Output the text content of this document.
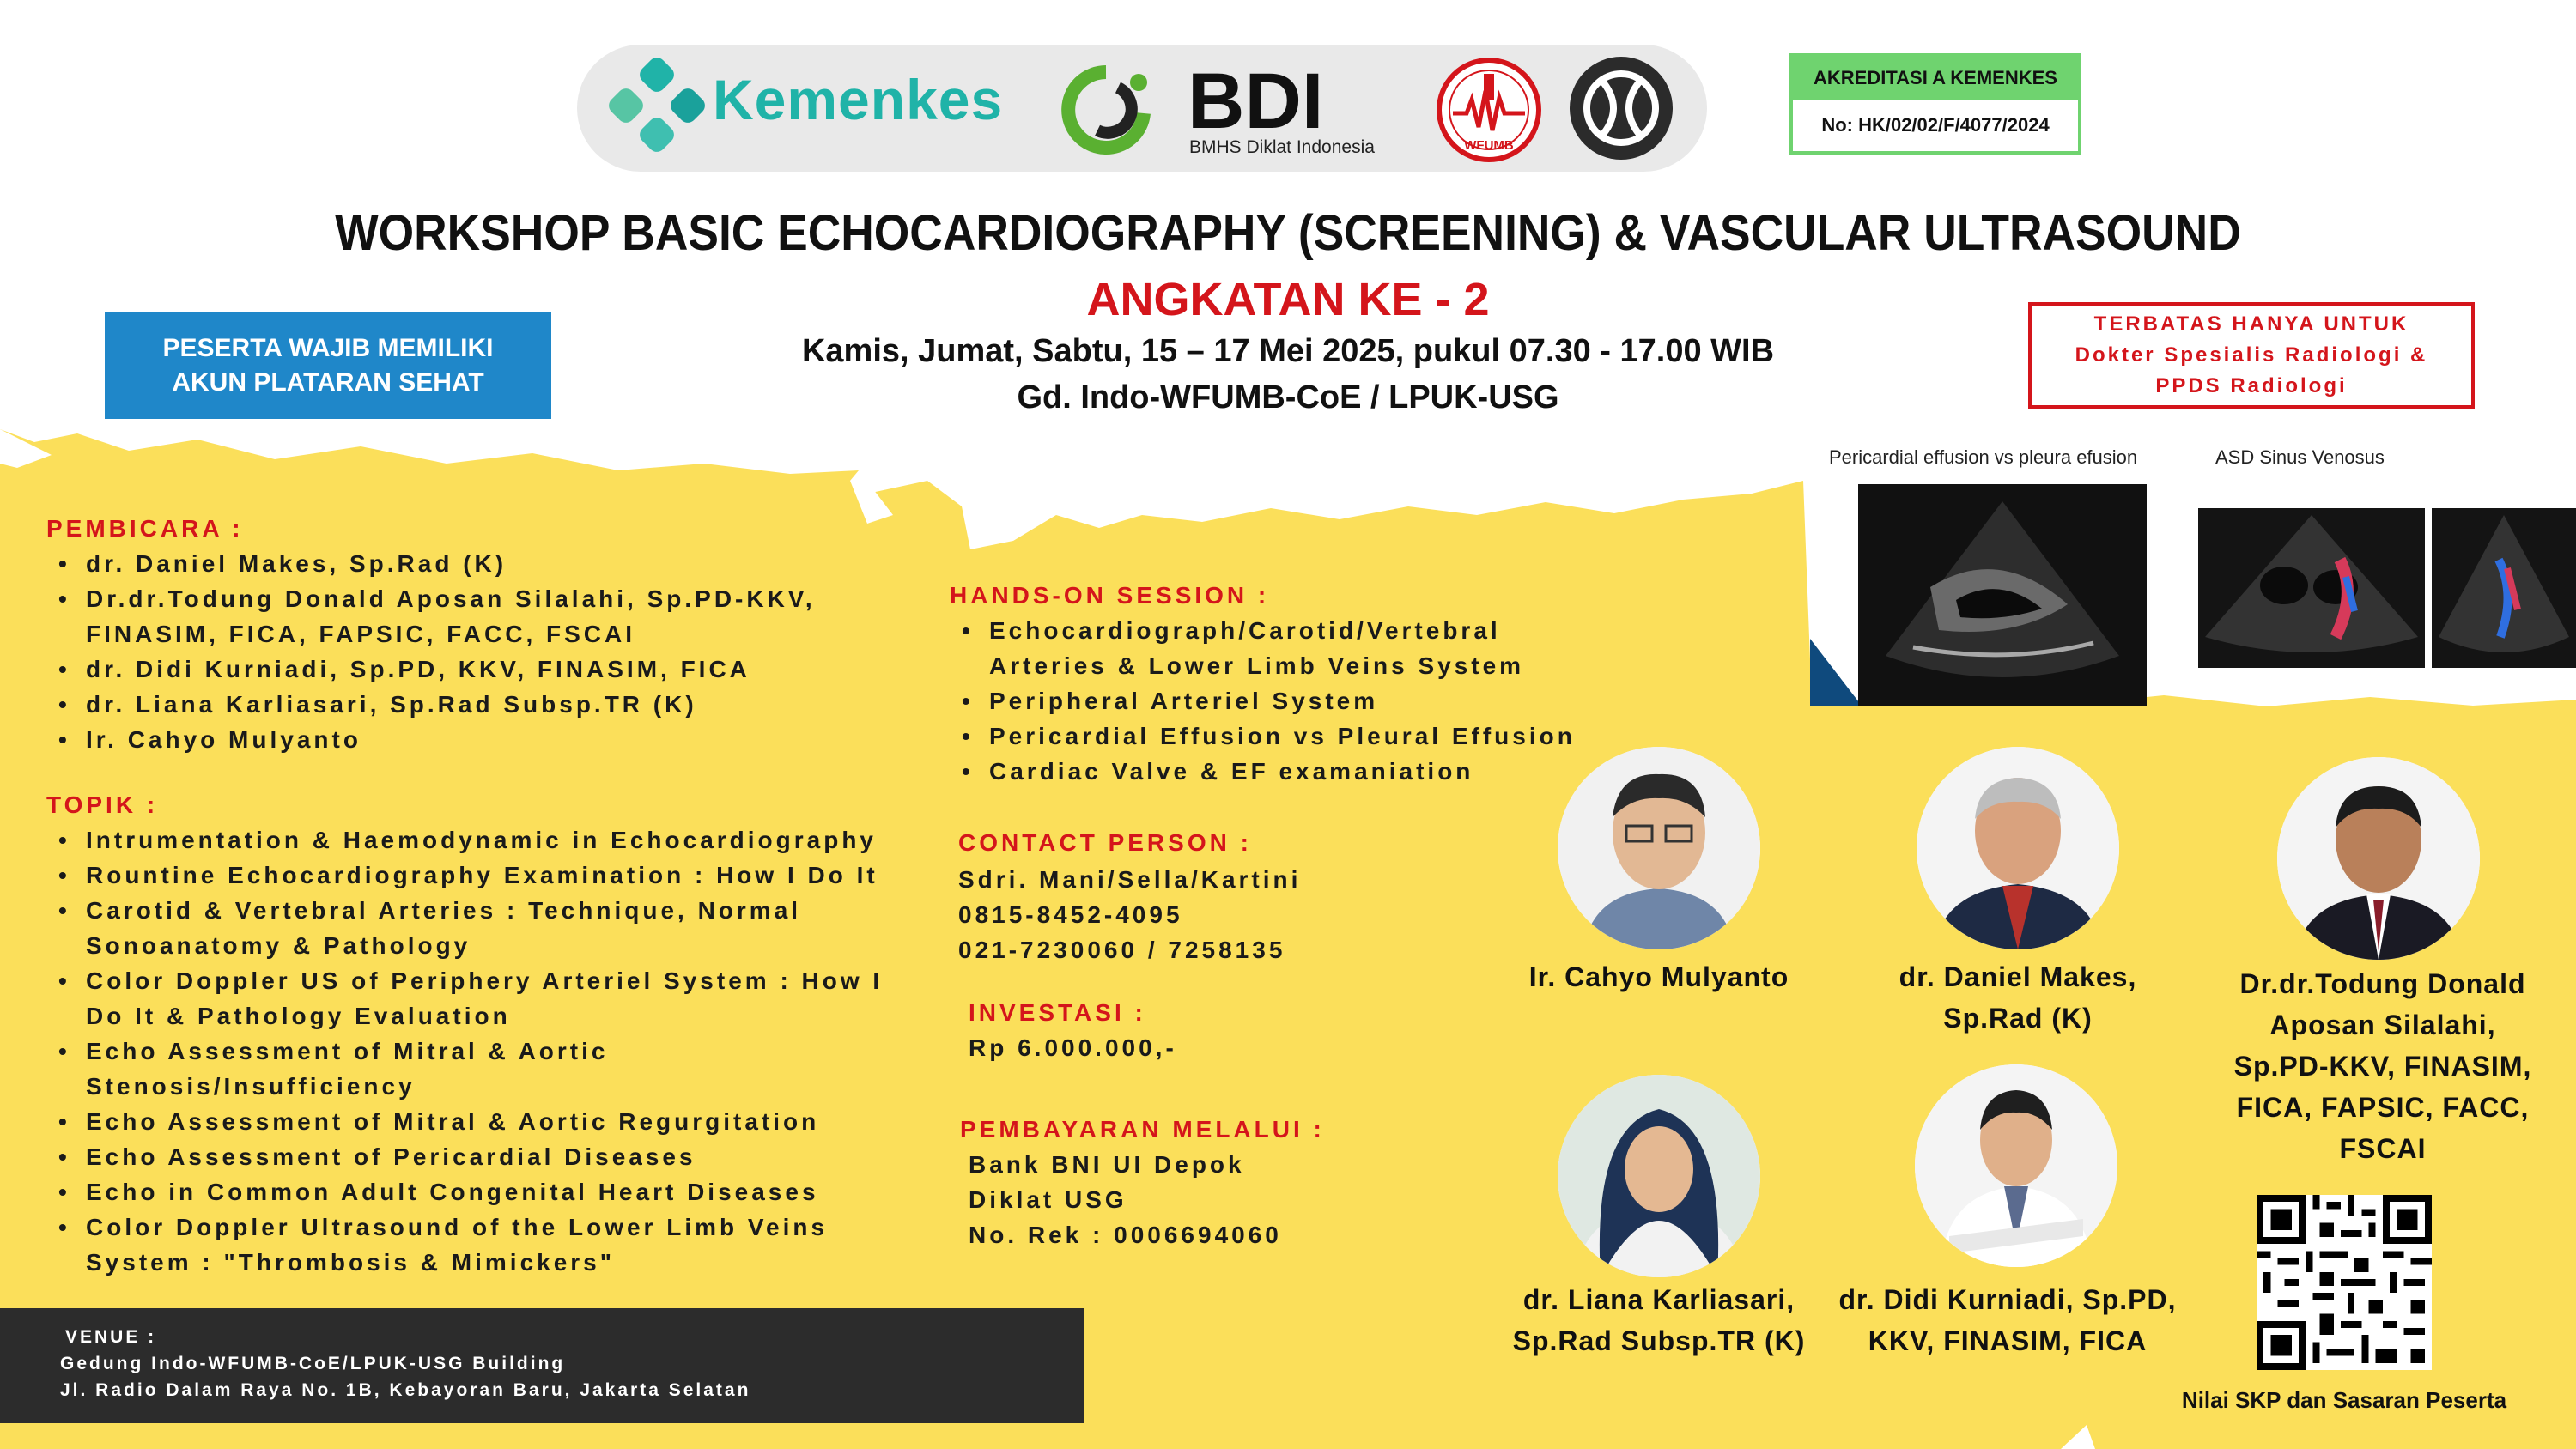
Kemenkes BDI
BMHS Diklat Indonesia	WFUMB
AKREDITASI A KEMENKES
No: HK/02/02/F/4077/2024
WORKSHOP BASIC ECHOCARDIOGRAPHY (SCREENING) & VASCULAR ULTRASOUND
ANGKATAN KE - 2
Kamis, Jumat, Sabtu, 15 – 17 Mei 2025, pukul 07.30 - 17.00 WIB
Gd. Indo-WFUMB-CoE / LPUK-USG
PESERTA WAJIB MEMILIKI
AKUN PLATARAN SEHAT
TERBATAS HANYA UNTUK
Dokter Spesialis Radiologi &
PPDS Radiologi
Pericardial effusion vs pleura efusion	ASD Sinus Venosus
PEMBICARA :
• dr. Daniel Makes, Sp.Rad (K)
• Dr.dr.Todung Donald Aposan Silalahi, Sp.PD-KKV,
FINASIM, FICA, FAPSIC, FACC, FSCAI
• dr. Didi Kurniadi, Sp.PD, KKV, FINASIM, FICA
• dr. Liana Karliasari, Sp.Rad Subsp.TR (K)
• Ir. Cahyo Mulyanto
TOPIK :
• Intrumentation & Haemodynamic in Echocardiography
• Rountine Echocardiography Examination : How I Do It
• Carotid & Vertebral Arteries : Technique, Normal
Sonoanatomy & Pathology
• Color Doppler US of Periphery Arteriel System : How I
Do It & Pathology Evaluation
• Echo Assessment of Mitral & Aortic
Stenosis/Insufficiency
• Echo Assessment of Mitral & Aortic Regurgitation
• Echo Assessment of Pericardial Diseases
• Echo in Common Adult Congenital Heart Diseases
• Color Doppler Ultrasound of the Lower Limb Veins
System : "Thrombosis & Mimickers"
HANDS-ON SESSION :
• Echocardiograph/Carotid/Vertebral
Arteries & Lower Limb Veins System
• Peripheral Arteriel System
• Pericardial Effusion vs Pleural Effusion
• Cardiac Valve & EF examaniation
CONTACT PERSON :
Sdri. Mani/Sella/Kartini
0815-8452-4095
021-7230060 / 7258135
INVESTASI :
Rp 6.000.000,-
PEMBAYARAN MELALUI :
Bank BNI UI Depok
Diklat USG
No. Rek : 0006694060
VENUE :
Gedung Indo-WFUMB-CoE/LPUK-USG Building
Jl. Radio Dalam Raya No. 1B, Kebayoran Baru, Jakarta Selatan
Ir. Cahyo Mulyanto	dr. Daniel Makes,
Sp.Rad (K)
Dr.dr.Todung Donald
Aposan Silalahi,
Sp.PD-KKV, FINASIM,
FICA, FAPSIC, FACC,
FSCAI
dr. Liana Karliasari,
Sp.Rad Subsp.TR (K)
dr. Didi Kurniadi, Sp.PD,
KKV, FINASIM, FICA
Nilai SKP dan Sasaran Peserta
